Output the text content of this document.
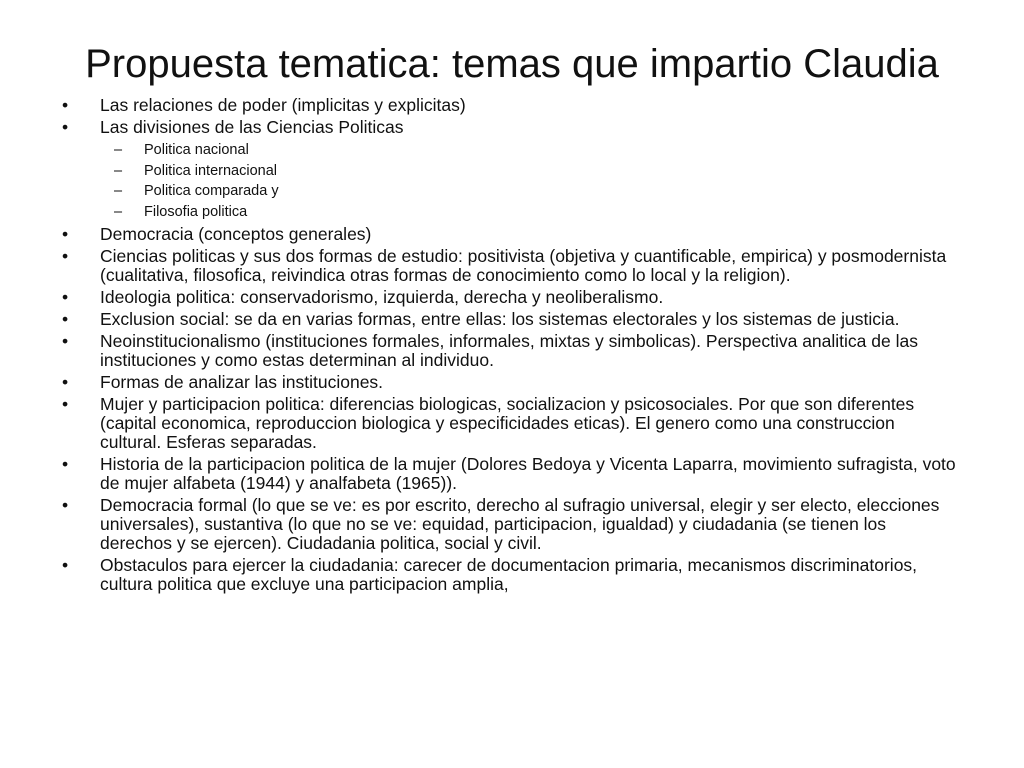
Propuesta tematica: temas que impartio Claudia
•	Las relaciones de poder (implicitas y explicitas)
•	Las divisiones de las Ciencias Politicas
–	Politica nacional
–	Politica internacional
–	Politica comparada y
–	Filosofia politica
•	Democracia (conceptos generales)
•	Ciencias politicas y sus dos formas de estudio: positivista (objetiva y cuantificable, empirica) y posmodernista (cualitativa, filosofica, reivindica otras formas de conocimiento como lo local y la religion).
•	Ideologia politica: conservadorismo, izquierda, derecha y neoliberalismo.
•	Exclusion social: se da en varias formas, entre ellas: los sistemas electorales y los sistemas de justicia.
•	Neoinstitucionalismo (instituciones formales, informales, mixtas y simbolicas). Perspectiva analitica de las instituciones y como estas determinan al individuo.
•	Formas de analizar las instituciones.
•	Mujer y participacion politica: diferencias biologicas, socializacion y psicosociales. Por que son diferentes (capital economica, reproduccion biologica y especificidades eticas). El genero como una construccion cultural. Esferas separadas.
•	Historia de la participacion politica de la mujer (Dolores Bedoya y Vicenta Laparra, movimiento sufragista, voto de mujer alfabeta (1944) y analfabeta (1965)).
•	Democracia formal (lo que se ve: es por escrito, derecho al sufragio universal, elegir y ser electo, elecciones universales), sustantiva (lo que no se ve: equidad, participacion, igualdad) y ciudadania (se tienen los derechos y se ejercen). Ciudadania politica, social y civil.
•	Obstaculos para ejercer la ciudadania: carecer de documentacion primaria, mecanismos discriminatorios, cultura politica que excluye una participacion amplia,
